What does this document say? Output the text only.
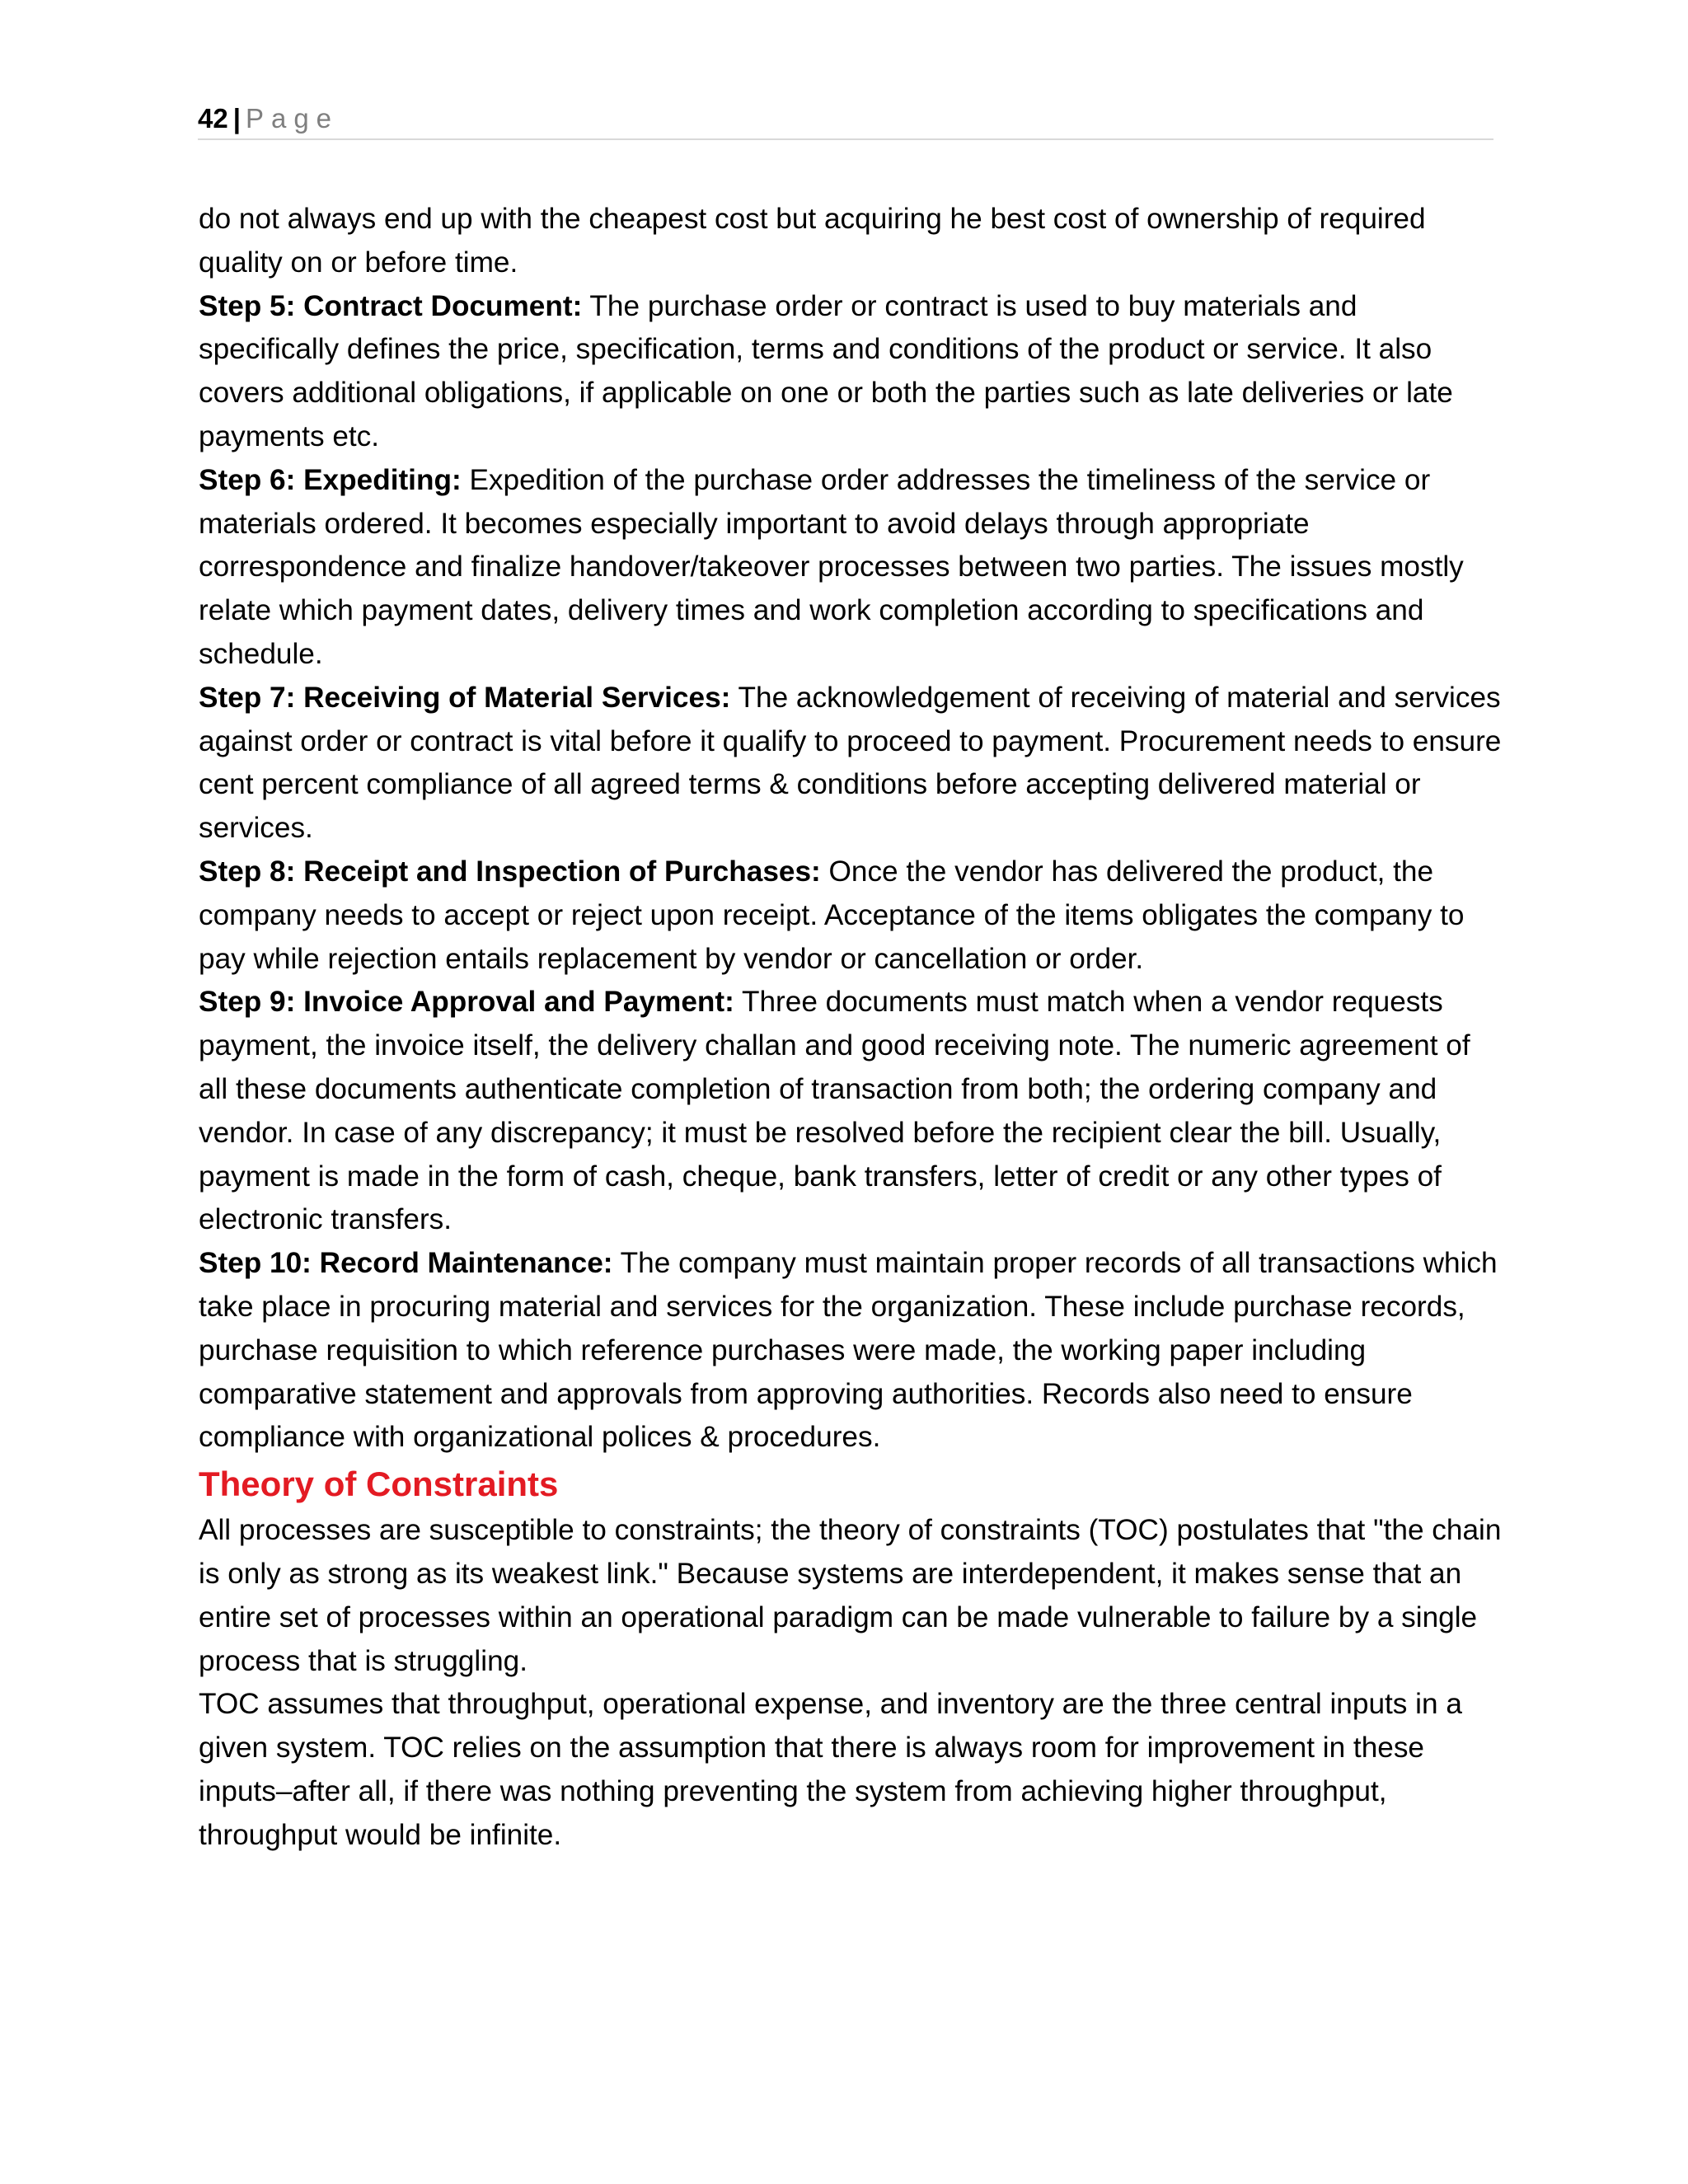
42 | Page

do not always end up with the cheapest cost but acquiring he best cost of ownership of required quality on or before time.

Step 5: Contract Document: The purchase order or contract is used to buy materials and specifically defines the price, specification, terms and conditions of the product or service. It also covers additional obligations, if applicable on one or both the parties such as late deliveries or late payments etc.

Step 6: Expediting: Expedition of the purchase order addresses the timeliness of the service or materials ordered. It becomes especially important to avoid delays through appropriate correspondence and finalize handover/takeover processes between two parties. The issues mostly relate which payment dates, delivery times and work completion according to specifications and schedule.

Step 7: Receiving of Material Services: The acknowledgement of receiving of material and services against order or contract is vital before it qualify to proceed to payment. Procurement needs to ensure cent percent compliance of all agreed terms & conditions before accepting delivered material or services.

Step 8: Receipt and Inspection of Purchases: Once the vendor has delivered the product, the company needs to accept or reject upon receipt. Acceptance of the items obligates the company to pay while rejection entails replacement by vendor or cancellation or order.

Step 9: Invoice Approval and Payment: Three documents must match when a vendor requests payment, the invoice itself, the delivery challan and good receiving note. The numeric agreement of all these documents authenticate completion of transaction from both; the ordering company and vendor. In case of any discrepancy; it must be resolved before the recipient clear the bill. Usually, payment is made in the form of cash, cheque, bank transfers, letter of credit or any other types of electronic transfers.

Step 10: Record Maintenance: The company must maintain proper records of all transactions which take place in procuring material and services for the organization. These include purchase records, purchase requisition to which reference purchases were made, the working paper including comparative statement and approvals from approving authorities. Records also need to ensure compliance with organizational polices & procedures.

Theory of Constraints

All processes are susceptible to constraints; the theory of constraints (TOC) postulates that "the chain is only as strong as its weakest link." Because systems are interdependent, it makes sense that an entire set of processes within an operational paradigm can be made vulnerable to failure by a single process that is struggling.

TOC assumes that throughput, operational expense, and inventory are the three central inputs in a given system. TOC relies on the assumption that there is always room for improvement in these inputs–after all, if there was nothing preventing the system from achieving higher throughput, throughput would be infinite.
